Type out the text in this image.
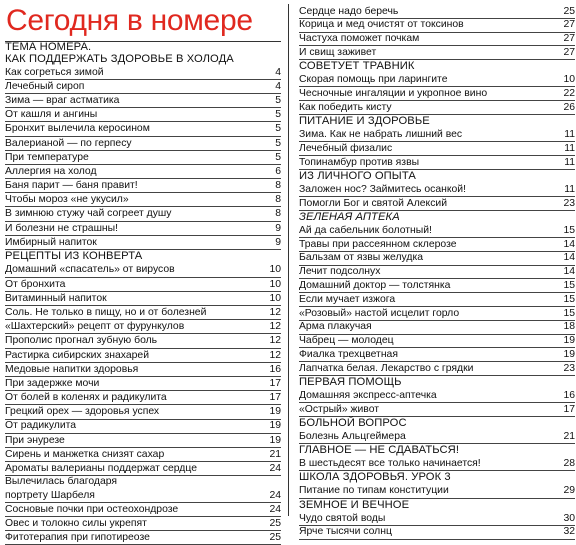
Сегодня в номере
ТЕМА НОМЕРА.
КАК ПОДДЕРЖАТЬ ЗДОРОВЬЕ В ХОЛОДА
Как согреться зимой	4
Лечебный сироп	4
Зима — враг астматика	5
От кашля и ангины	5
Бронхит вылечила керосином	5
Валерианой — по герпесу	5
При температуре	5
Аллергия на холод	6
Баня парит — баня правит!	8
Чтобы мороз «не укусил»	8
В зимнюю стужу чай согреет душу	8
И болезни не страшны!	9
Имбирный напиток	9
РЕЦЕПТЫ ИЗ КОНВЕРТА
Домашний «спасатель» от вирусов	10
От бронхита	10
Витаминный напиток	10
Соль. Не только в пищу, но и от болезней	12
«Шахтерский» рецепт от фурункулов	12
Прополис прогнал зубную боль	12
Растирка сибирских знахарей	12
Медовые напитки здоровья	16
При задержке мочи	17
От болей в коленях и радикулита	17
Грецкий орех — здоровья успех	19
От радикулита	19
При энурезе	19
Сирень и манжетка снизят сахар	21
Ароматы валерианы поддержат сердце	24
Вылечилась благодаря
портрету Шарбеля	24
Сосновые почки при остеохондрозе	24
Овес и толокно силы укрепят	25
Фитотерапия при гипотиреозе	25
Сердце надо беречь	25
Корица и мед очистят от токсинов	27
Частуха поможет почкам	27
И свищ заживет	27
СОВЕТУЕТ ТРАВНИК
Скорая помощь при ларингите	10
Чесночные ингаляции и укропное вино	22
Как победить кисту	26
ПИТАНИЕ И ЗДОРОВЬЕ
Зима. Как не набрать лишний вес	11
Лечебный физалис	11
Топинамбур против язвы	11
ИЗ ЛИЧНОГО ОПЫТА
Заложен нос? Займитесь осанкой!	11
Помогли Бог и святой Алексий	23
ЗЕЛЕНАЯ АПТЕКА
Ай да сабельник болотный!	15
Травы при рассеянном склерозе	14
Бальзам от язвы желудка	14
Лечит подсолнух	14
Домашний доктор — толстянка	15
Если мучает изжога	15
«Розовый» настой исцелит горло	15
Арма плакучая	18
Чабрец — молодец	19
Фиалка трехцветная	19
Лапчатка белая. Лекарство с грядки	23
ПЕРВАЯ ПОМОЩЬ
Домашняя экспресс-аптечка	16
«Острый» живот	17
БОЛЬНОЙ ВОПРОС
Болезнь Альцгеймера	21
ГЛАВНОЕ — НЕ СДАВАТЬСЯ!
В шестьдесят все только начинается!	28
ШКОЛА ЗДОРОВЬЯ. УРОК 3
Питание по типам конституции	29
ЗЕМНОЕ И ВЕЧНОЕ
Чудо святой воды	30
Ярче тысячи солнц	32
